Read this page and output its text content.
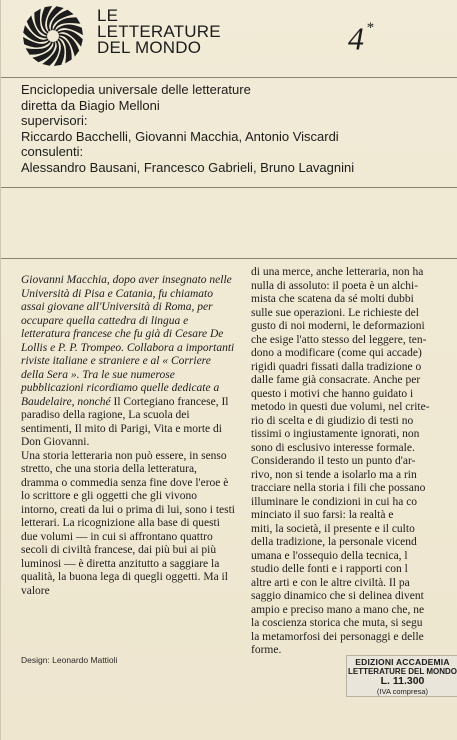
LE
LETTERATURE
DEL MONDO	4 *
Enciclopedia universale delle letterature
diretta da Biagio Melloni
supervisori:
Riccardo Bacchelli, Giovanni Macchia, Antonio Viscardi
consulenti:
Alessandro Bausani, Francesco Gabrieli, Bruno Lavagnini

Giovanni Macchia, dopo aver insegnato nelle Università di Pisa e Catania, fu chiamato assai giovane all'Università di Roma, per occupare quella cattedra di lingua e letteratura francese che fu già di Cesare De Lollis e P. P. Trompeo. Collabora a importanti riviste italiane e straniere e al « Corriere della Sera ». Tra le sue numerose pubblicazioni ricordiamo quelle dedicate a Baudelaire, nonché Il Cortegiano francese, Il paradiso della ragione, La scuola dei sentimenti, Il mito di Parigi, Vita e morte di Don Giovanni.

Una storia letteraria non può essere, in senso stretto, che una storia della letteratura, dramma o commedia senza fine dove l'eroe è lo scrittore e gli oggetti che gli vivono intorno, creati da lui o prima di lui, sono i testi letterari. La ricognizione alla base di questi due volumi — in cui si affrontano quattro secoli di civiltà francese, dai più bui ai più luminosi — è diretta anzitutto a saggiare la qualità, la buona lega di quegli oggetti. Ma il valore

di una merce, anche letteraria, non ha
nulla di assoluto: il poeta è un alchi-
mista che scatena da sé molti dubbi
sulle sue operazioni. Le richieste del
gusto di noi moderni, le deformazioni
che esige l'atto stesso del leggere, ten-
dono a modificare (come qui accade)
rigidi quadri fissati dalla tradizione o
dalle fame già consacrate. Anche per
questo i motivi che hanno guidato i
metodo in questi due volumi, nel crite-
rio di scelta e di giudizio di testi no
tissimi o ingiustamente ignorati, non
sono di esclusivo interesse formale.
Considerando il testo un punto d'ar-
rivo, non si tende a isolarlo ma a rin
tracciare nella storia i fili che possano
illuminare le condizioni in cui ha co
minciato il suo farsi: la realtà e
miti, la società, il presente e il culto
della tradizione, la personale vicend
umana e l'ossequio della tecnica, l
studio delle fonti e i rapporti con l
altre arti e con le altre civiltà. Il pa
saggio dinamico che si delinea divent
ampio e preciso mano a mano che, ne
la coscienza storica che muta, si segu
la metamorfosi dei personaggi e delle
forme.
Design: Leonardo Mattioli	EDIZIONI ACCADEMIA
LETTERATURE DEL MONDO
L. 11.300
(IVA compresa)
